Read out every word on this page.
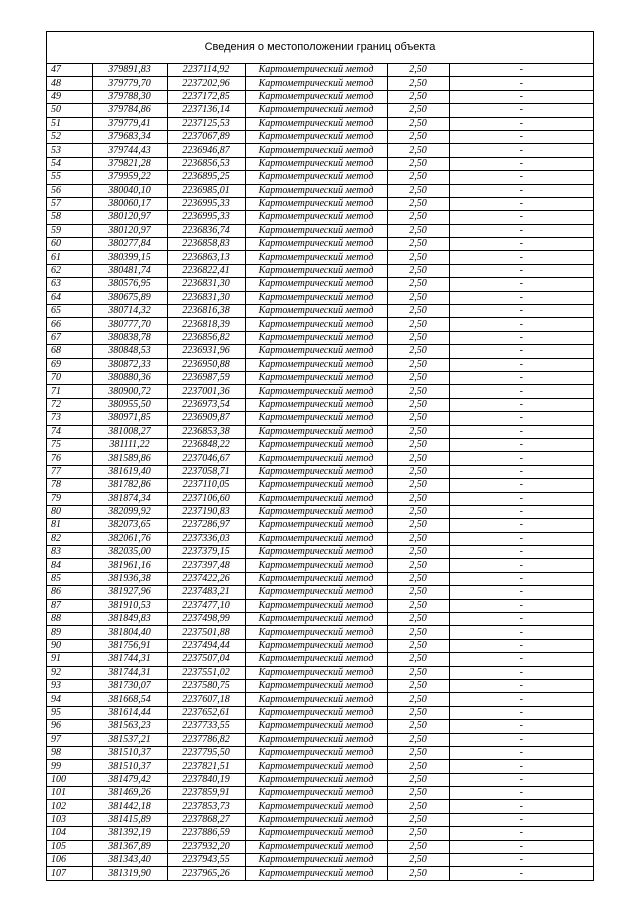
Сведения о местоположении границ объекта
47	379891,83	2237114,92	Картометрический метод	2,50	-
48	379779,70	2237202,96	Картометрический метод	2,50	-
49	379788,30	2237172,85	Картометрический метод	2,50	-
50	379784,86	2237136,14	Картометрический метод	2,50	-
51	379779,41	2237125,53	Картометрический метод	2,50	-
52	379683,34	2237067,89	Картометрический метод	2,50	-
53	379744,43	2236946,87	Картометрический метод	2,50	-
54	379821,28	2236856,53	Картометрический метод	2,50	-
55	379959,22	2236895,25	Картометрический метод	2,50	-
56	380040,10	2236985,01	Картометрический метод	2,50	-
57	380060,17	2236995,33	Картометрический метод	2,50	-
58	380120,97	2236995,33	Картометрический метод	2,50	-
59	380120,97	2236836,74	Картометрический метод	2,50	-
60	380277,84	2236858,83	Картометрический метод	2,50	-
61	380399,15	2236863,13	Картометрический метод	2,50	-
62	380481,74	2236822,41	Картометрический метод	2,50	-
63	380576,95	2236831,30	Картометрический метод	2,50	-
64	380675,89	2236831,30	Картометрический метод	2,50	-
65	380714,32	2236816,38	Картометрический метод	2,50	-
66	380777,70	2236818,39	Картометрический метод	2,50	-
67	380838,78	2236856,82	Картометрический метод	2,50	-
68	380848,53	2236931,96	Картометрический метод	2,50	-
69	380872,33	2236950,88	Картометрический метод	2,50	-
70	380880,36	2236987,59	Картометрический метод	2,50	-
71	380900,72	2237001,36	Картометрический метод	2,50	-
72	380955,50	2236973,54	Картометрический метод	2,50	-
73	380971,85	2236909,87	Картометрический метод	2,50	-
74	381008,27	2236853,38	Картометрический метод	2,50	-
75	381111,22	2236848,22	Картометрический метод	2,50	-
76	381589,86	2237046,67	Картометрический метод	2,50	-
77	381619,40	2237058,71	Картометрический метод	2,50	-
78	381782,86	2237110,05	Картометрический метод	2,50	-
79	381874,34	2237106,60	Картометрический метод	2,50	-
80	382099,92	2237190,83	Картометрический метод	2,50	-
81	382073,65	2237286,97	Картометрический метод	2,50	-
82	382061,76	2237336,03	Картометрический метод	2,50	-
83	382035,00	2237379,15	Картометрический метод	2,50	-
84	381961,16	2237397,48	Картометрический метод	2,50	-
85	381936,38	2237422,26	Картометрический метод	2,50	-
86	381927,96	2237483,21	Картометрический метод	2,50	-
87	381910,53	2237477,10	Картометрический метод	2,50	-
88	381849,83	2237498,99	Картометрический метод	2,50	-
89	381804,40	2237501,88	Картометрический метод	2,50	-
90	381756,91	2237494,44	Картометрический метод	2,50	-
91	381744,31	2237507,04	Картометрический метод	2,50	-
92	381744,31	2237551,02	Картометрический метод	2,50	-
93	381730,07	2237580,75	Картометрический метод	2,50	-
94	381668,54	2237607,18	Картометрический метод	2,50	-
95	381614,44	2237652,61	Картометрический метод	2,50	-
96	381563,23	2237733,55	Картометрический метод	2,50	-
97	381537,21	2237786,82	Картометрический метод	2,50	-
98	381510,37	2237795,50	Картометрический метод	2,50	-
99	381510,37	2237821,51	Картометрический метод	2,50	-
100	381479,42	2237840,19	Картометрический метод	2,50	-
101	381469,26	2237859,91	Картометрический метод	2,50	-
102	381442,18	2237853,73	Картометрический метод	2,50	-
103	381415,89	2237868,27	Картометрический метод	2,50	-
104	381392,19	2237886,59	Картометрический метод	2,50	-
105	381367,89	2237932,20	Картометрический метод	2,50	-
106	381343,40	2237943,55	Картометрический метод	2,50	-
107	381319,90	2237965,26	Картометрический метод	2,50	-
